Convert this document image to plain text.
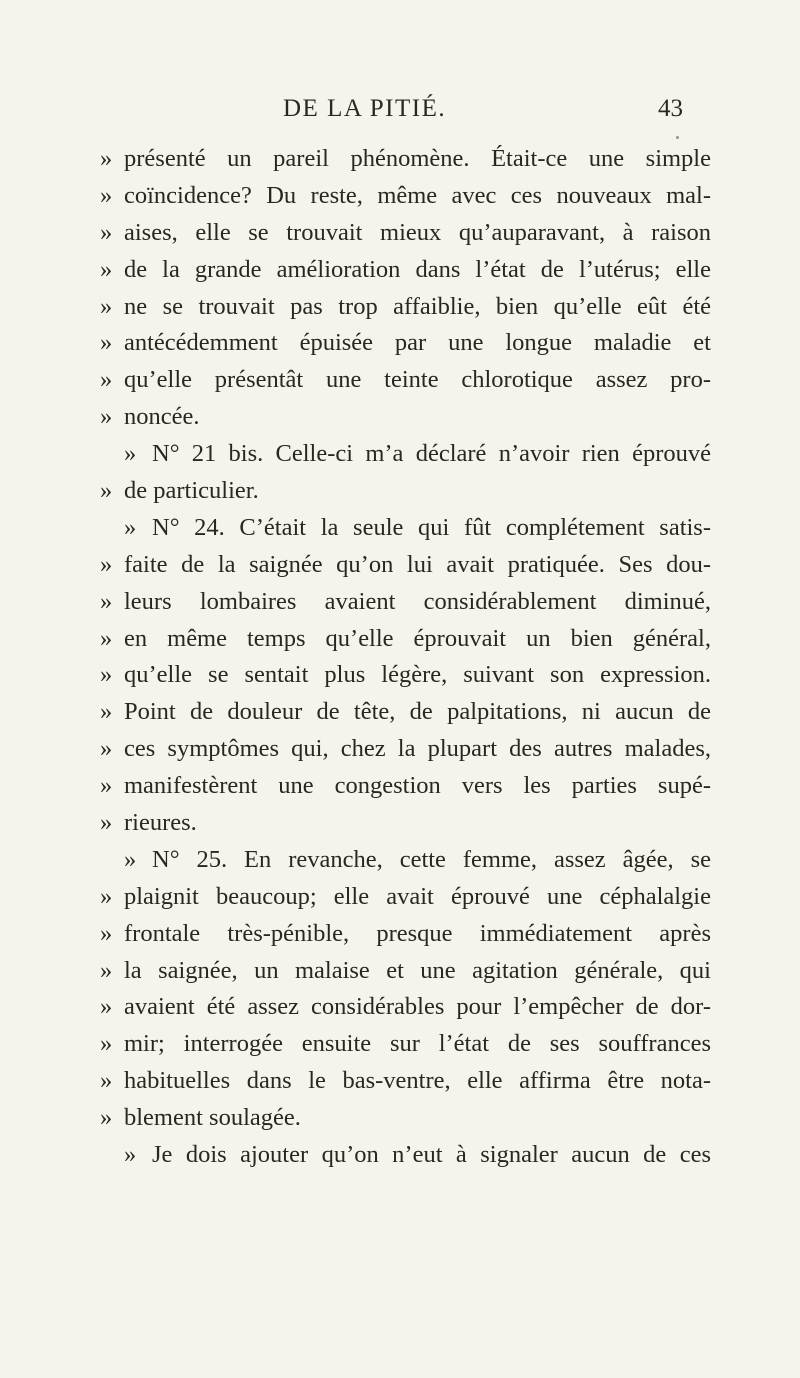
DE LA PITIÉ.	43
» présenté un pareil phénomène. Était-ce une simple
» coïncidence? Du reste, même avec ces nouveaux mal-
» aises, elle se trouvait mieux qu’auparavant, à raison
» de la grande amélioration dans l’état de l’utérus; elle
» ne se trouvait pas trop affaiblie, bien qu’elle eût été
» antécédemment épuisée par une longue maladie et
» qu’elle présentât une teinte chlorotique assez pro-
» noncée.
» N° 21 bis. Celle-ci m’a déclaré n’avoir rien éprouvé
» de particulier.
» N° 24. C’était la seule qui fût complétement satis-
» faite de la saignée qu’on lui avait pratiquée. Ses dou-
» leurs lombaires avaient considérablement diminué,
» en même temps qu’elle éprouvait un bien général,
» qu’elle se sentait plus légère, suivant son expression.
» Point de douleur de tête, de palpitations, ni aucun de
» ces symptômes qui, chez la plupart des autres malades,
» manifestèrent une congestion vers les parties supé-
» rieures.
» N° 25. En revanche, cette femme, assez âgée, se
» plaignit beaucoup; elle avait éprouvé une céphalalgie
» frontale très-pénible, presque immédiatement après
» la saignée, un malaise et une agitation générale, qui
» avaient été assez considérables pour l’empêcher de dor-
» mir; interrogée ensuite sur l’état de ses souffrances
» habituelles dans le bas-ventre, elle affirma être nota-
» blement soulagée.
» Je dois ajouter qu’on n’eut à signaler aucun de ces
